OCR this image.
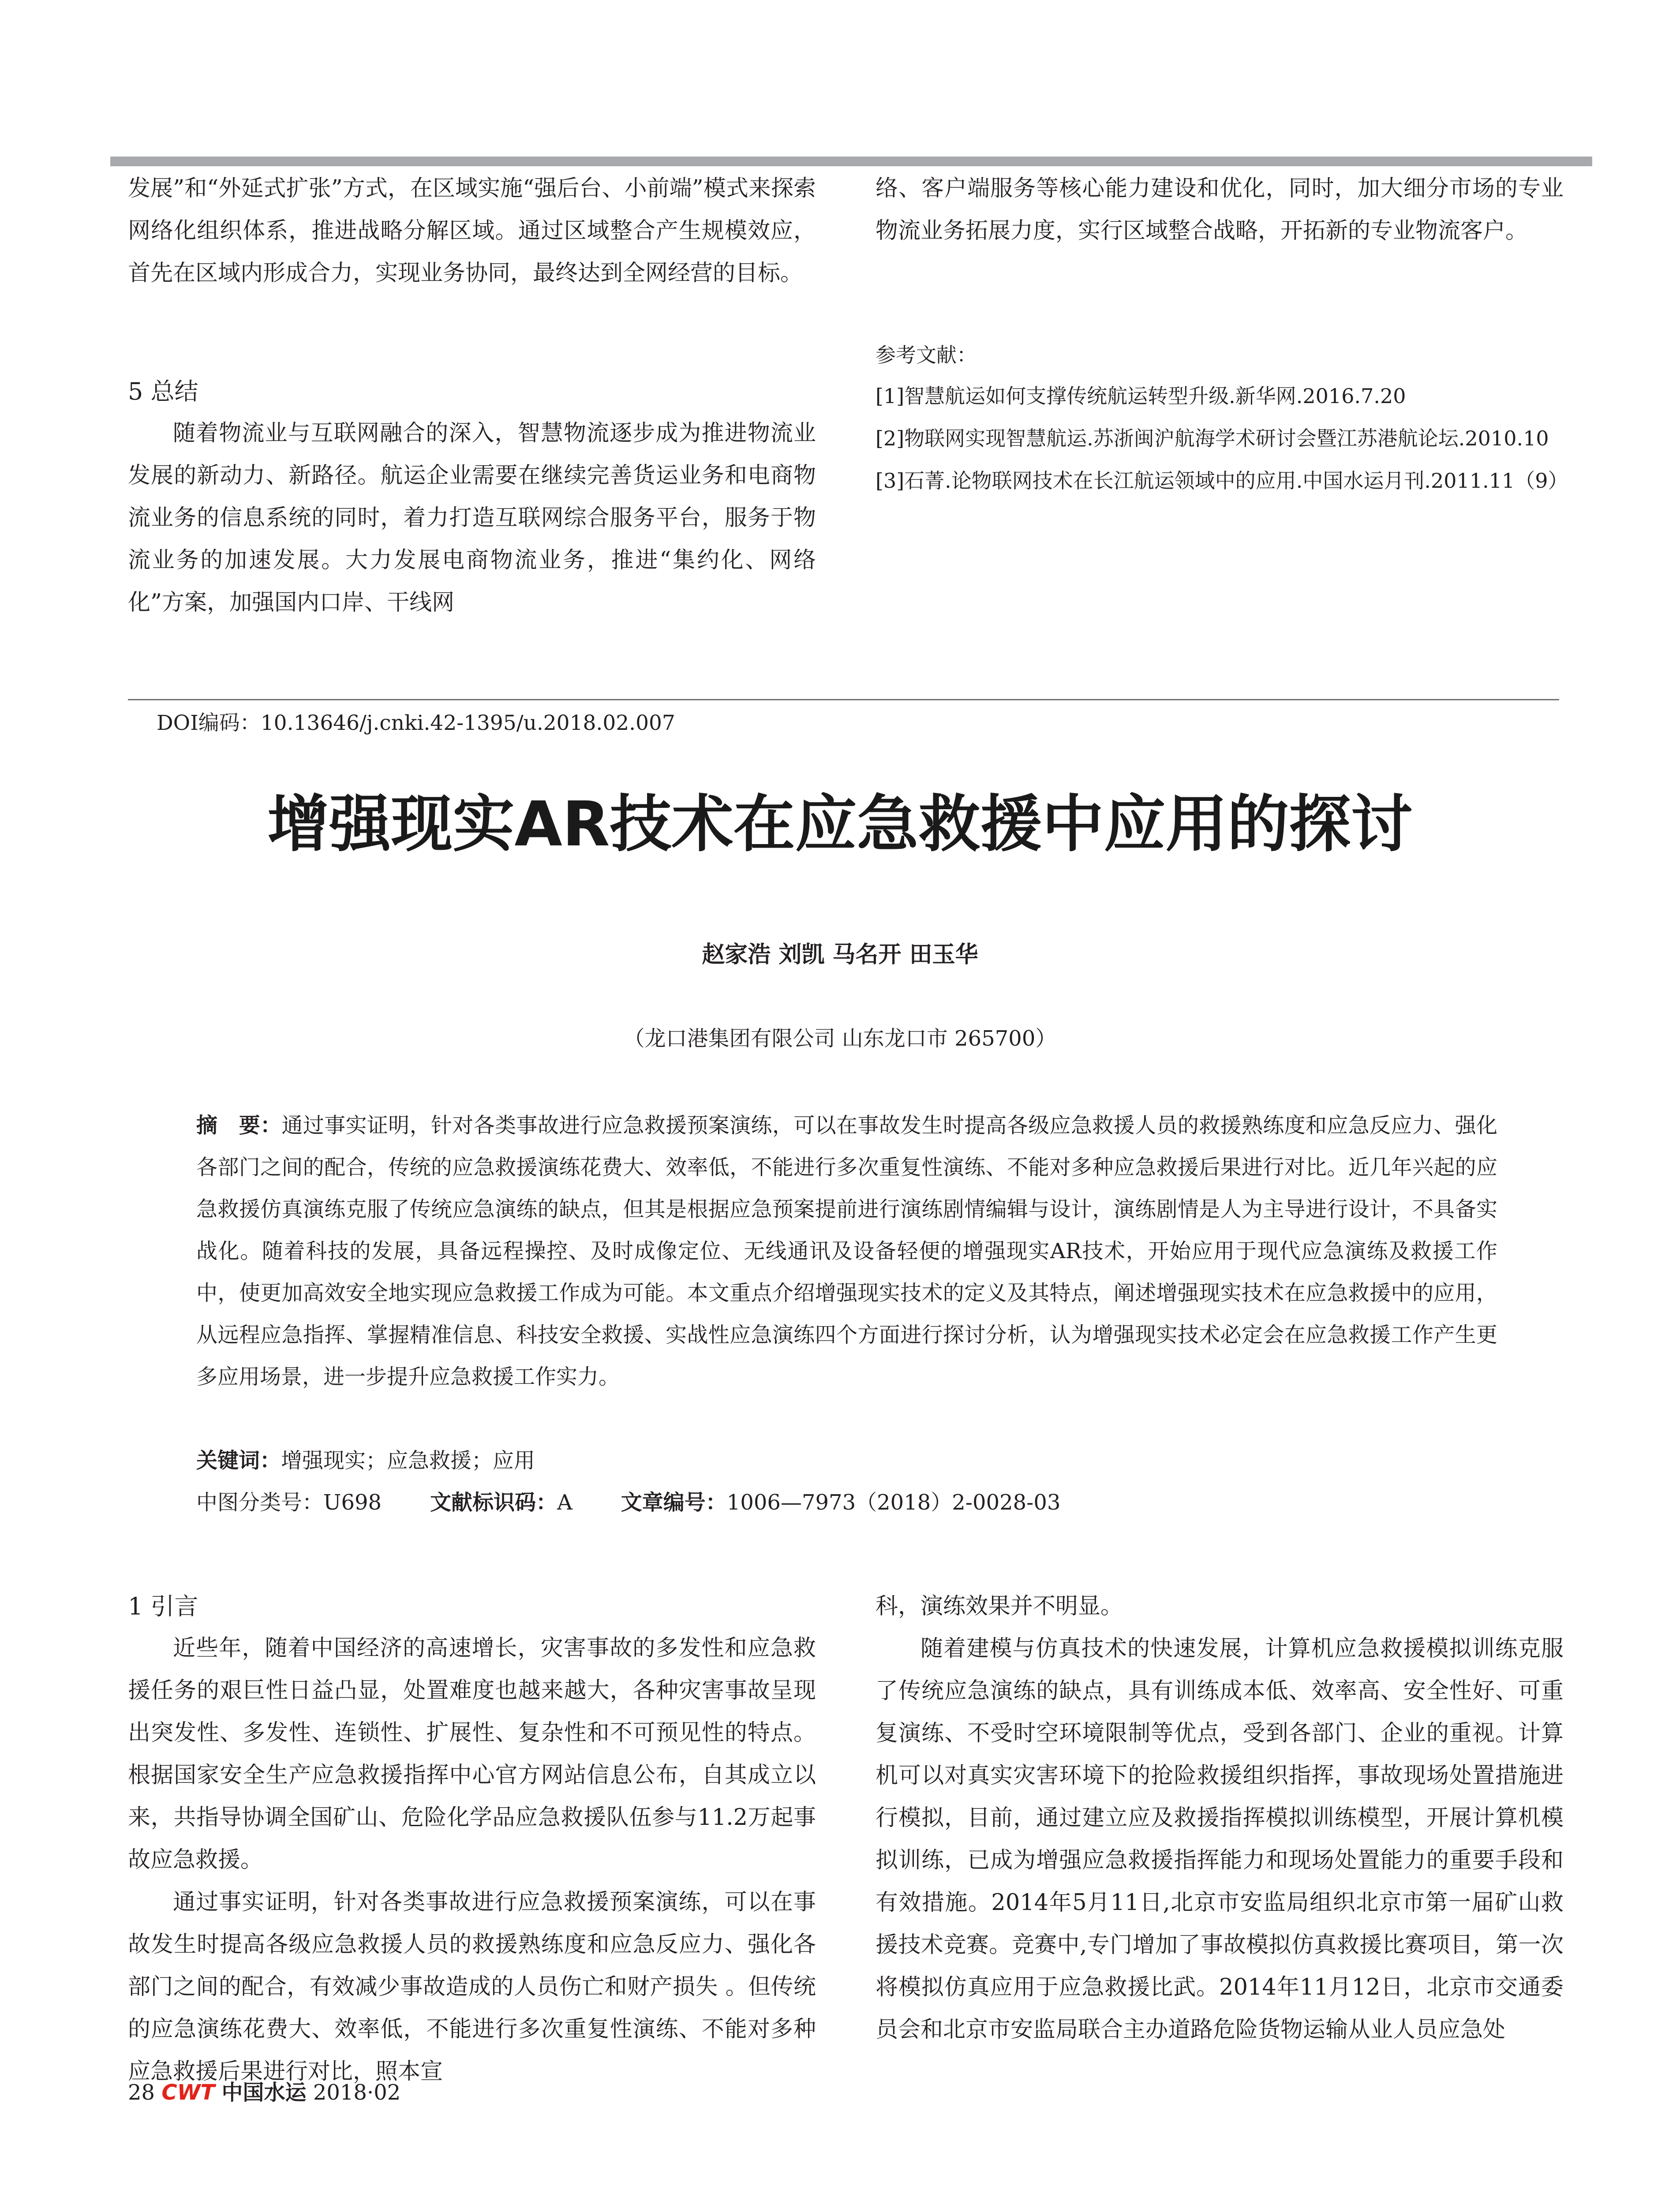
发展”和“外延式扩张”方式，在区域实施“强后台、小前端”模式来探索网络化组织体系，推进战略分解区域。通过区域整合产生规模效应，首先在区域内形成合力，实现业务协同，最终达到全网经营的目标。

5 总结

随着物流业与互联网融合的深入，智慧物流逐步成为推进物流业发展的新动力、新路径。航运企业需要在继续完善货运业务和电商物流业务的信息系统的同时，着力打造互联网综合服务平台，服务于物流业务的加速发展。大力发展电商物流业务，推进“集约化、网络化”方案，加强国内口岸、干线网

络、客户端服务等核心能力建设和优化，同时，加大细分市场的专业物流业务拓展力度，实行区域整合战略，开拓新的专业物流客户。

参考文献：

[1]智慧航运如何支撑传统航运转型升级.新华网.2016.7.20

[2]物联网实现智慧航运.苏浙闽沪航海学术研讨会暨江苏港航论坛.2010.10

[3]石菁.论物联网技术在长江航运领域中的应用.中国水运月刊.2011.11（9）

DOI编码：10.13646/j.cnki.42-1395/u.2018.02.007
增强现实AR技术在应急救援中应用的探讨
赵家浩 刘凯 马名开 田玉华
（龙口港集团有限公司 山东龙口市 265700）

摘　要：通过事实证明，针对各类事故进行应急救援预案演练，可以在事故发生时提高各级应急救援人员的救援熟练度和应急反应力、强化各部门之间的配合，传统的应急救援演练花费大、效率低，不能进行多次重复性演练、不能对多种应急救援后果进行对比。近几年兴起的应急救援仿真演练克服了传统应急演练的缺点，但其是根据应急预案提前进行演练剧情编辑与设计，演练剧情是人为主导进行设计，不具备实战化。随着科技的发展，具备远程操控、及时成像定位、无线通讯及设备轻便的增强现实AR技术，开始应用于现代应急演练及救援工作中，使更加高效安全地实现应急救援工作成为可能。本文重点介绍增强现实技术的定义及其特点，阐述增强现实技术在应急救援中的应用，从远程应急指挥、掌握精准信息、科技安全救援、实战性应急演练四个方面进行探讨分析，认为增强现实技术必定会在应急救援工作产生更多应用场景，进一步提升应急救援工作实力。

关键词：增强现实；应急救援；应用
中图分类号：U698 文献标识码：A 文章编号：1006—7973（2018）2-0028-03
1 引言

近些年，随着中国经济的高速增长，灾害事故的多发性和应急救援任务的艰巨性日益凸显，处置难度也越来越大，各种灾害事故呈现出突发性、多发性、连锁性、扩展性、复杂性和不可预见性的特点。根据国家安全生产应急救援指挥中心官方网站信息公布，自其成立以来，共指导协调全国矿山、危险化学品应急救援队伍参与11.2万起事故应急救援。

通过事实证明，针对各类事故进行应急救援预案演练，可以在事故发生时提高各级应急救援人员的救援熟练度和应急反应力、强化各部门之间的配合，有效减少事故造成的人员伤亡和财产损失 。但传统的应急演练花费大、效率低，不能进行多次重复性演练、不能对多种应急救援后果进行对比，照本宣

科，演练效果并不明显。

随着建模与仿真技术的快速发展，计算机应急救援模拟训练克服了传统应急演练的缺点，具有训练成本低、效率高、安全性好、可重复演练、不受时空环境限制等优点，受到各部门、企业的重视。计算机可以对真实灾害环境下的抢险救援组织指挥，事故现场处置措施进行模拟，目前，通过建立应及救援指挥模拟训练模型，开展计算机模拟训练，已成为增强应急救援指挥能力和现场处置能力的重要手段和有效措施。2014年5月11日,北京市安监局组织北京市第一届矿山救援技术竞赛。竞赛中,专门增加了事故模拟仿真救援比赛项目，第一次将模拟仿真应用于应急救援比武。2014年11月12日，北京市交通委员会和北京市安监局联合主办道路危险货物运输从业人员应急处

28 CWT 中国水运 2018·02
